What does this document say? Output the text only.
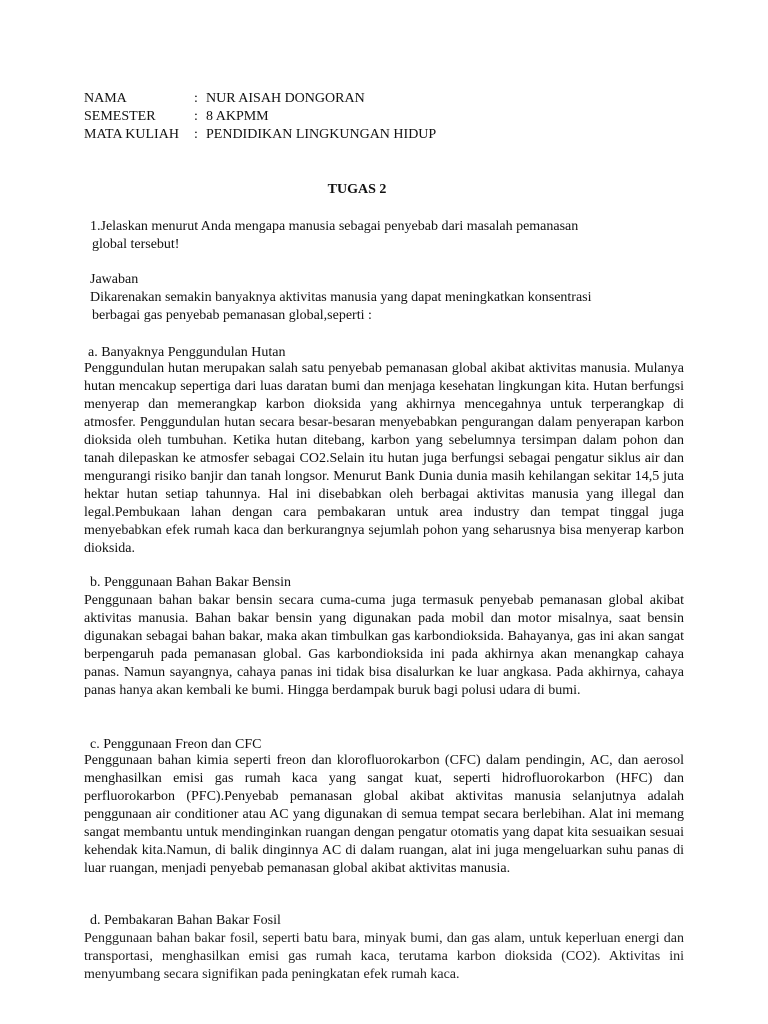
NAMA	: NUR AISAH DONGORAN
SEMESTER	: 8 AKPMM
MATA KULIAH : PENDIDIKAN LINGKUNGAN HIDUP
TUGAS 2

1.Jelaskan menurut Anda mengapa manusia sebagai penyebab dari masalah pemanasan

global tersebut!

Jawaban

Dikarenakan semakin banyaknya aktivitas manusia yang dapat meningkatkan konsentrasi

berbagai gas penyebab pemanasan global,seperti :

a. Banyaknya Penggundulan Hutan

Penggundulan hutan merupakan salah satu penyebab pemanasan global akibat aktivitas manusia. Mulanya hutan mencakup sepertiga dari luas daratan bumi dan menjaga kesehatan lingkungan kita. Hutan berfungsi menyerap dan memerangkap karbon dioksida yang akhirnya mencegahnya untuk terperangkap di atmosfer. Penggundulan hutan secara besar-besaran menyebabkan pengurangan dalam penyerapan karbon dioksida oleh tumbuhan. Ketika hutan ditebang, karbon yang sebelumnya tersimpan dalam pohon dan tanah dilepaskan ke atmosfer sebagai CO2.Selain itu hutan juga berfungsi sebagai pengatur siklus air dan mengurangi risiko banjir dan tanah longsor. Menurut Bank Dunia dunia masih kehilangan sekitar 14,5 juta hektar hutan setiap tahunnya. Hal ini disebabkan oleh berbagai aktivitas manusia yang illegal dan legal.Pembukaan lahan dengan cara pembakaran untuk area industry dan tempat tinggal juga menyebabkan efek rumah kaca dan berkurangnya sejumlah pohon yang seharusnya bisa menyerap karbon dioksida.

b. Penggunaan Bahan Bakar Bensin

Penggunaan bahan bakar bensin secara cuma-cuma juga termasuk penyebab pemanasan global akibat aktivitas manusia. Bahan bakar bensin yang digunakan pada mobil dan motor misalnya, saat bensin digunakan sebagai bahan bakar, maka akan timbulkan gas karbondioksida. Bahayanya, gas ini akan sangat berpengaruh pada pemanasan global. Gas karbondioksida ini pada akhirnya akan menangkap cahaya panas. Namun sayangnya, cahaya panas ini tidak bisa disalurkan ke luar angkasa. Pada akhirnya, cahaya panas hanya akan kembali ke bumi. Hingga berdampak buruk bagi polusi udara di bumi.

c. Penggunaan Freon dan CFC

Penggunaan bahan kimia seperti freon dan klorofluorokarbon (CFC) dalam pendingin, AC, dan aerosol menghasilkan emisi gas rumah kaca yang sangat kuat, seperti hidrofluorokarbon (HFC) dan perfluorokarbon (PFC).Penyebab pemanasan global akibat aktivitas manusia selanjutnya adalah penggunaan air conditioner atau AC yang digunakan di semua tempat secara berlebihan. Alat ini memang sangat membantu untuk mendinginkan ruangan dengan pengatur otomatis yang dapat kita sesuaikan sesuai kehendak kita.Namun, di balik dinginnya AC di dalam ruangan, alat ini juga mengeluarkan suhu panas di luar ruangan, menjadi penyebab pemanasan global akibat aktivitas manusia.

d. Pembakaran Bahan Bakar Fosil

Penggunaan bahan bakar fosil, seperti batu bara, minyak bumi, dan gas alam, untuk keperluan energi dan transportasi, menghasilkan emisi gas rumah kaca, terutama karbon dioksida (CO2). Aktivitas ini menyumbang secara signifikan pada peningkatan efek rumah kaca.
